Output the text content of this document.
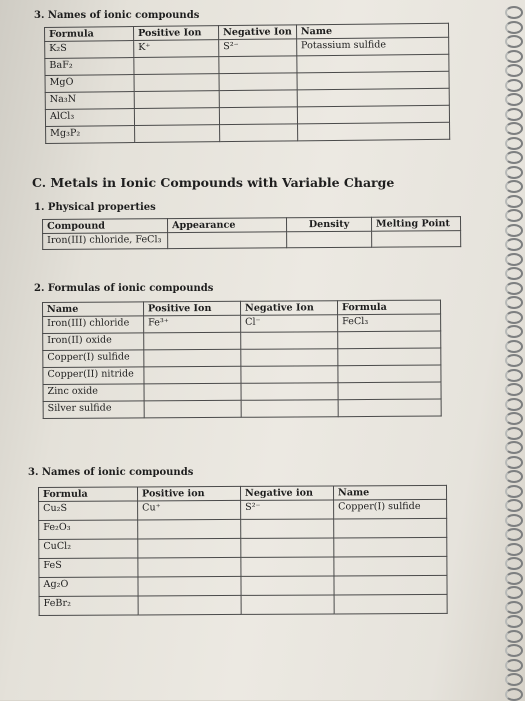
3. Names of ionic compounds
Formula	Positive Ion	Negative Ion	Name
K₂S	K⁺	S²⁻	Potassium sulfide
BaF₂			
MgO			
Na₃N			
AlCl₃			
Mg₃P₂			
C. Metals in Ionic Compounds with Variable Charge
1. Physical properties
Compound	Appearance	Density	Melting Point
Iron(III) chloride, FeCl₃			
2. Formulas of ionic compounds
Name	Positive Ion	Negative Ion	Formula
Iron(III) chloride	Fe³⁺	Cl⁻	FeCl₃
Iron(II) oxide			
Copper(I) sulfide			
Copper(II) nitride			
Zinc oxide			
Silver sulfide			
3. Names of ionic compounds
Formula	Positive ion	Negative ion	Name
Cu₂S	Cu⁺	S²⁻	Copper(I) sulfide
Fe₂O₃			
CuCl₂			
FeS			
Ag₂O			
FeBr₂			
